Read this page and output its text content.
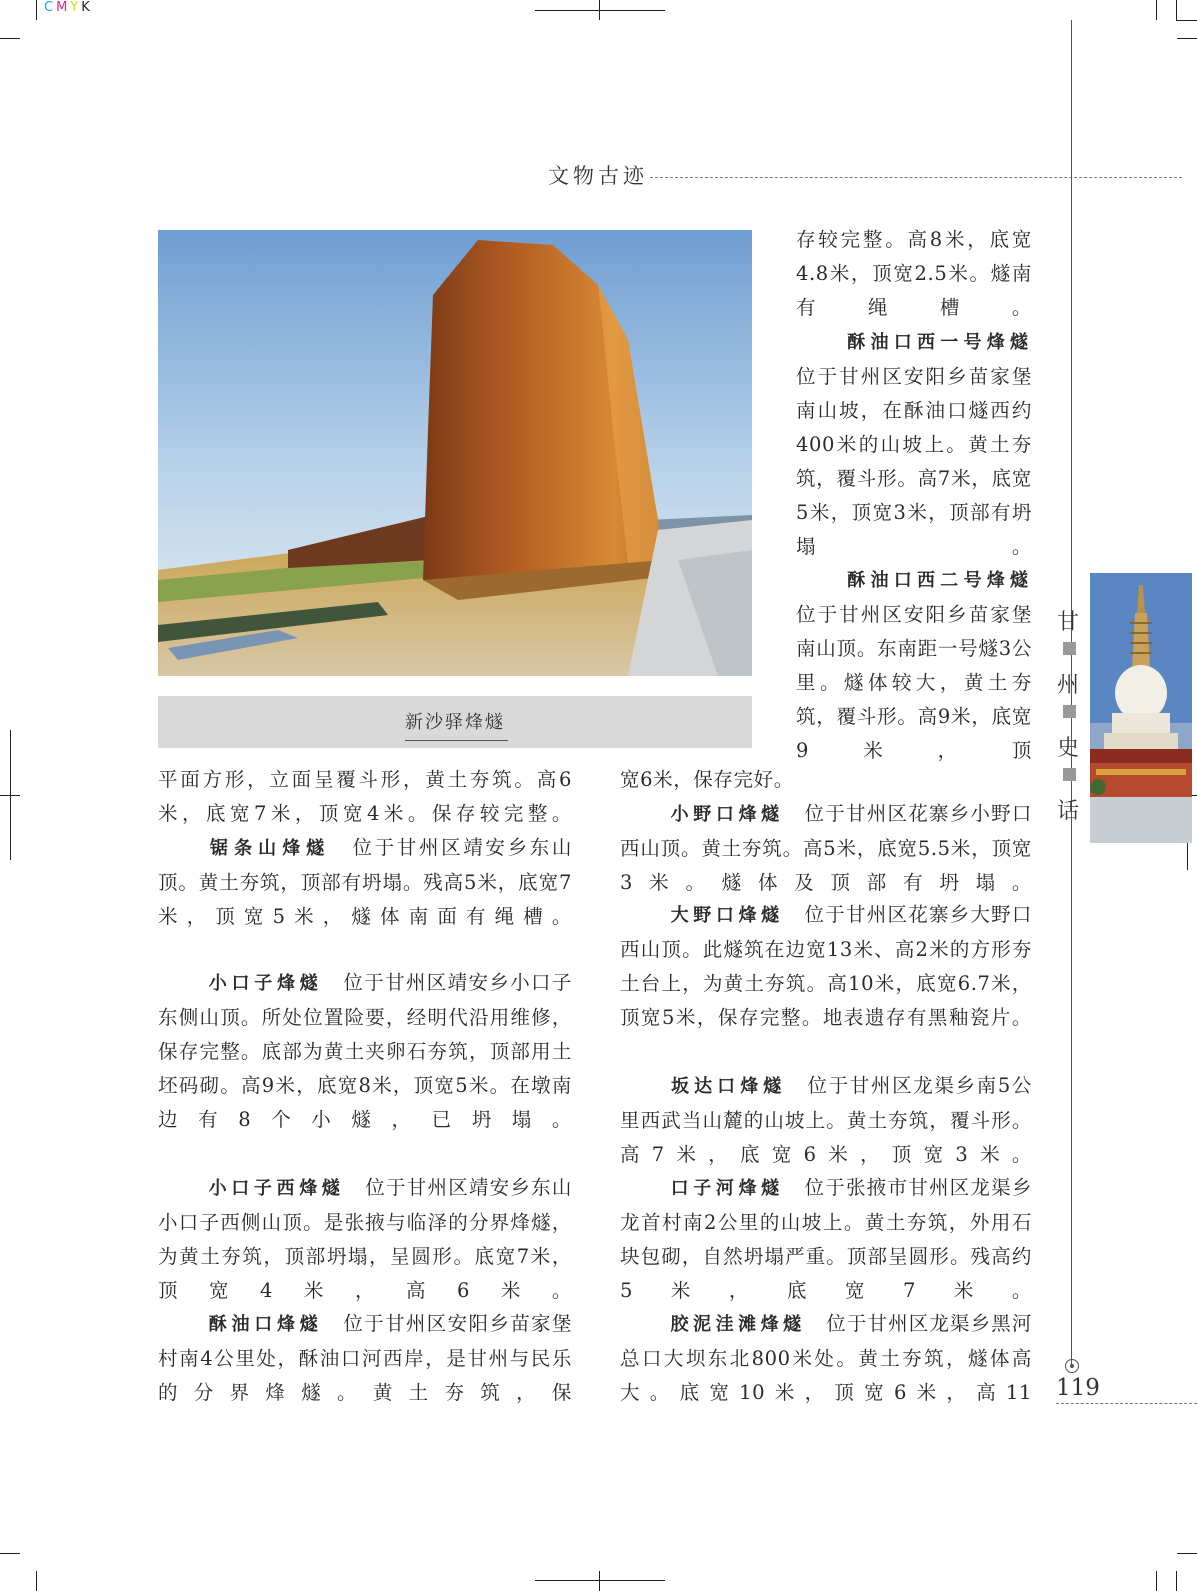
CMYK
文物古迹
新沙驿烽燧

存较完整。高8米，底宽4.8米，顶宽2.5米。燧南有绳槽。

酥油口西一号烽燧　位于甘州区安阳乡苗家堡南山坡，在酥油口燧西约400米的山坡上。黄土夯筑，覆斗形。高7米，底宽5米，顶宽3米，顶部有坍塌。

酥油口西二号烽燧　位于甘州区安阳乡苗家堡南山顶。东南距一号燧3公里。燧体较大，黄土夯筑，覆斗形。高9米，底宽9米，顶

平面方形，立面呈覆斗形，黄土夯筑。高6米，底宽7米，顶宽4米。保存较完整。

锯条山烽燧　 位于甘州区靖安乡东山顶。黄土夯筑，顶部有坍塌。残高5米，底宽7米，顶宽5米，燧体南面有绳槽。

小口子烽燧　 位于甘州区靖安乡小口子东侧山顶。所处位置险要，经明代沿用维修，保存完整。底部为黄土夹卵石夯筑，顶部用土坯码砌。高9米，底宽8米，顶宽5米。在墩南边有8个小燧，已坍塌。

小口子西烽燧　 位于甘州区靖安乡东山小口子西侧山顶。是张掖与临泽的分界烽燧，为黄土夯筑，顶部坍塌，呈圆形。底宽7米，顶宽4米，高6米。

酥油口烽燧　 位于甘州区安阳乡苗家堡村南4公里处，酥油口河西岸，是甘州与民乐的分界烽燧。黄土夯筑，保

宽6米，保存完好。

小野口烽燧　 位于甘州区花寨乡小野口西山顶。黄土夯筑。高5米，底宽5.5米，顶宽3米。燧体及顶部有坍塌。

大野口烽燧　 位于甘州区花寨乡大野口西山顶。此燧筑在边宽13米、高2米的方形夯土台上，为黄土夯筑。高10米，底宽6.7米，顶宽5米，保存完整。地表遗存有黑釉瓷片。

坂达口烽燧　 位于甘州区龙渠乡南5公里西武当山麓的山坡上。黄土夯筑，覆斗形。高7米，底宽6米，顶宽3米。

口子河烽燧　 位于张掖市甘州区龙渠乡龙首村南2公里的山坡上。黄土夯筑，外用石块包砌，自然坍塌严重。顶部呈圆形。残高约5米，底宽7米。

胶泥洼滩烽燧　 位于甘州区龙渠乡黑河总口大坝东北800米处。黄土夯筑，燧体高大。底宽10米，顶宽6米，高11

甘
州
史
话
119
